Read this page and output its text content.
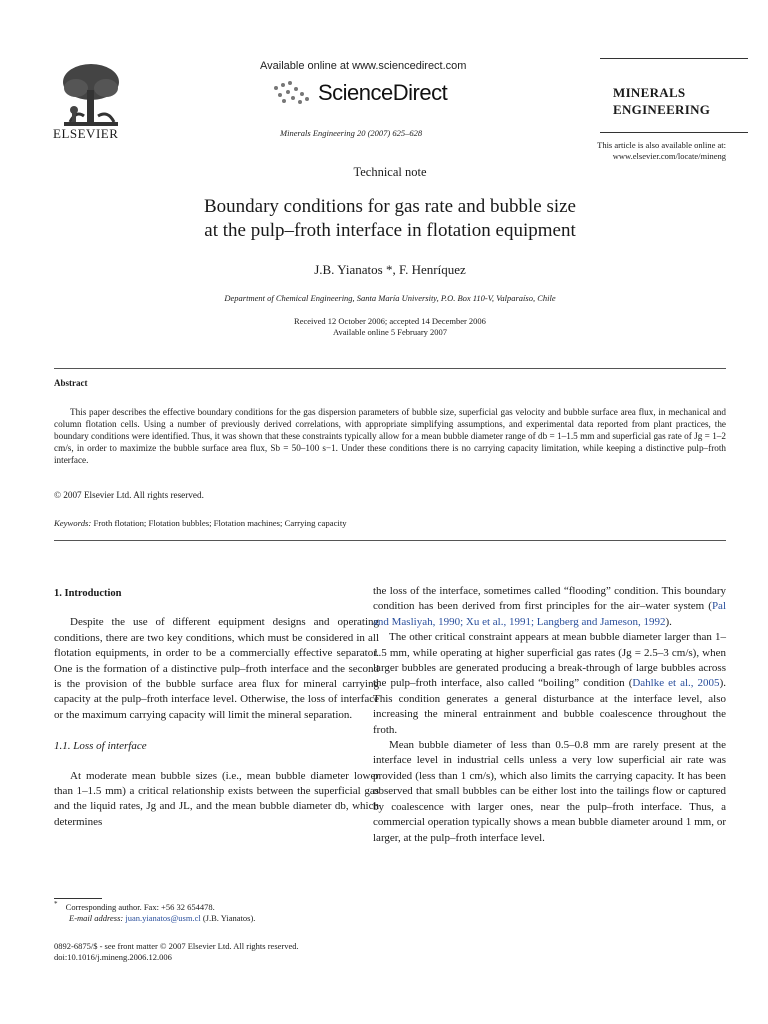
ELSEVIER
Available online at www.sciencedirect.com
ScienceDirect
Minerals Engineering 20 (2007) 625–628
MINERALS
ENGINEERING
This article is also available online at:
www.elsevier.com/locate/mineng
Technical note
Boundary conditions for gas rate and bubble size
at the pulp–froth interface in flotation equipment
J.B. Yianatos *, F. Henríquez
Department of Chemical Engineering, Santa María University, P.O. Box 110-V, Valparaíso, Chile
Received 12 October 2006; accepted 14 December 2006
Available online 5 February 2007
Abstract
This paper describes the effective boundary conditions for the gas dispersion parameters of bubble size, superficial gas velocity and bubble surface area flux, in mechanical and column flotation cells. Using a number of previously derived correlations, with appropriate simplifying assumptions, and experimental data reported from plant practices, the boundary conditions were identified. Thus, it was shown that these constraints typically allow for a mean bubble diameter range of db = 1–1.5 mm and superficial gas rate of Jg = 1–2 cm/s, in order to maximize the bubble surface area flux, Sb = 50–100 s−1. Under these conditions there is no carrying capacity limitation, while keeping a distinctive pulp–froth interface.
© 2007 Elsevier Ltd. All rights reserved.
Keywords: Froth flotation; Flotation bubbles; Flotation machines; Carrying capacity
1. Introduction

Despite the use of different equipment designs and operating conditions, there are two key conditions, which must be considered in all flotation equipments, in order to be a commercially effective separator. One is the formation of a distinctive pulp–froth interface and the second is the provision of the bubble surface area flux for mineral carrying capacity at the pulp–froth interface level. Otherwise, the loss of interface or the maximum carrying capacity will limit the mineral separation.

1.1. Loss of interface

At moderate mean bubble sizes (i.e., mean bubble diameter lower than 1–1.5 mm) a critical relationship exists between the superficial gas and the liquid rates, Jg and JL, and the mean bubble diameter db, which determines

the loss of the interface, sometimes called “flooding” condition. This boundary condition has been derived from first principles for the air–water system (Pal and Masliyah, 1990; Xu et al., 1991; Langberg and Jameson, 1992).

The other critical constraint appears at mean bubble diameter larger than 1–1.5 mm, while operating at higher superficial gas rates (Jg = 2.5–3 cm/s), when larger bubbles are generated producing a break-through of large bubbles across the pulp–froth interface, also called “boiling” condition (Dahlke et al., 2005). This condition generates a general disturbance at the interface level, also increasing the mineral entrainment and bubble coalescence throughout the froth.

Mean bubble diameter of less than 0.5–0.8 mm are rarely present at the interface level in industrial cells unless a very low superficial air rate was provided (less than 1 cm/s), which also limits the carrying capacity. It has been observed that small bubbles can be either lost into the tailings flow or captured by coalescence with larger ones, near the pulp–froth interface. Thus, a commercial operation typically shows a mean bubble diameter around 1 mm, or larger, at the pulp–froth interface level.

* Corresponding author. Fax: +56 32 654478.
E-mail address: juan.yianatos@usm.cl (J.B. Yianatos).
0892-6875/$ - see front matter © 2007 Elsevier Ltd. All rights reserved.
doi:10.1016/j.mineng.2006.12.006
